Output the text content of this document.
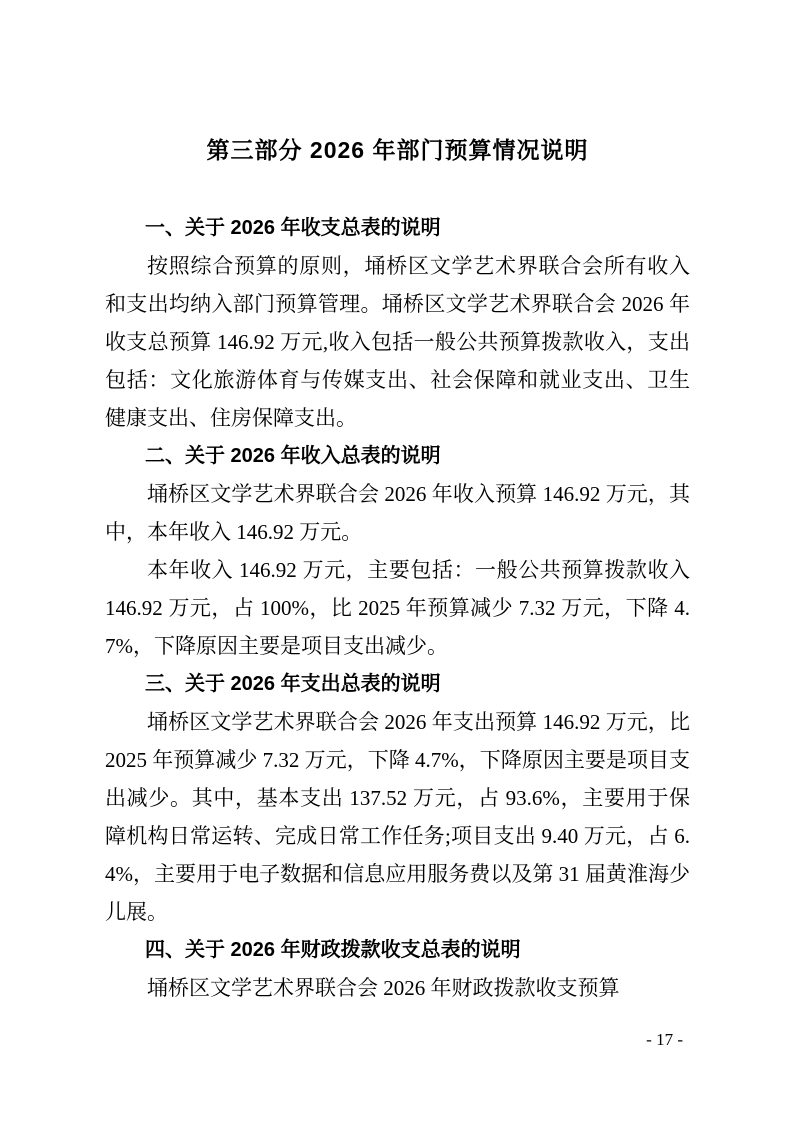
第三部分 2026 年部门预算情况说明
一、关于 2026 年收支总表的说明

按照综合预算的原则，埇桥区文学艺术界联合会所有收入和支出均纳入部门预算管理。埇桥区文学艺术界联合会 2026 年收支总预算 146.92 万元,收入包括一般公共预算拨款收入，支出包括：文化旅游体育与传媒支出、社会保障和就业支出、卫生健康支出、住房保障支出。

二、关于 2026 年收入总表的说明

埇桥区文学艺术界联合会 2026 年收入预算 146.92 万元，其中，本年收入 146.92 万元。

本年收入 146.92 万元，主要包括：一般公共预算拨款收入 146.92 万元，占 100%，比 2025 年预算减少 7.32 万元，下降 4.7%，下降原因主要是项目支出减少。

三、关于 2026 年支出总表的说明

埇桥区文学艺术界联合会 2026 年支出预算 146.92 万元，比 2025 年预算减少 7.32 万元，下降 4.7%，下降原因主要是项目支出减少。其中，基本支出 137.52 万元，占 93.6%，主要用于保障机构日常运转、完成日常工作任务;项目支出 9.40 万元，占 6.4%，主要用于电子数据和信息应用服务费以及第 31 届黄淮海少儿展。

四、关于 2026 年财政拨款收支总表的说明

埇桥区文学艺术界联合会 2026 年财政拨款收支预算

- 17 -
